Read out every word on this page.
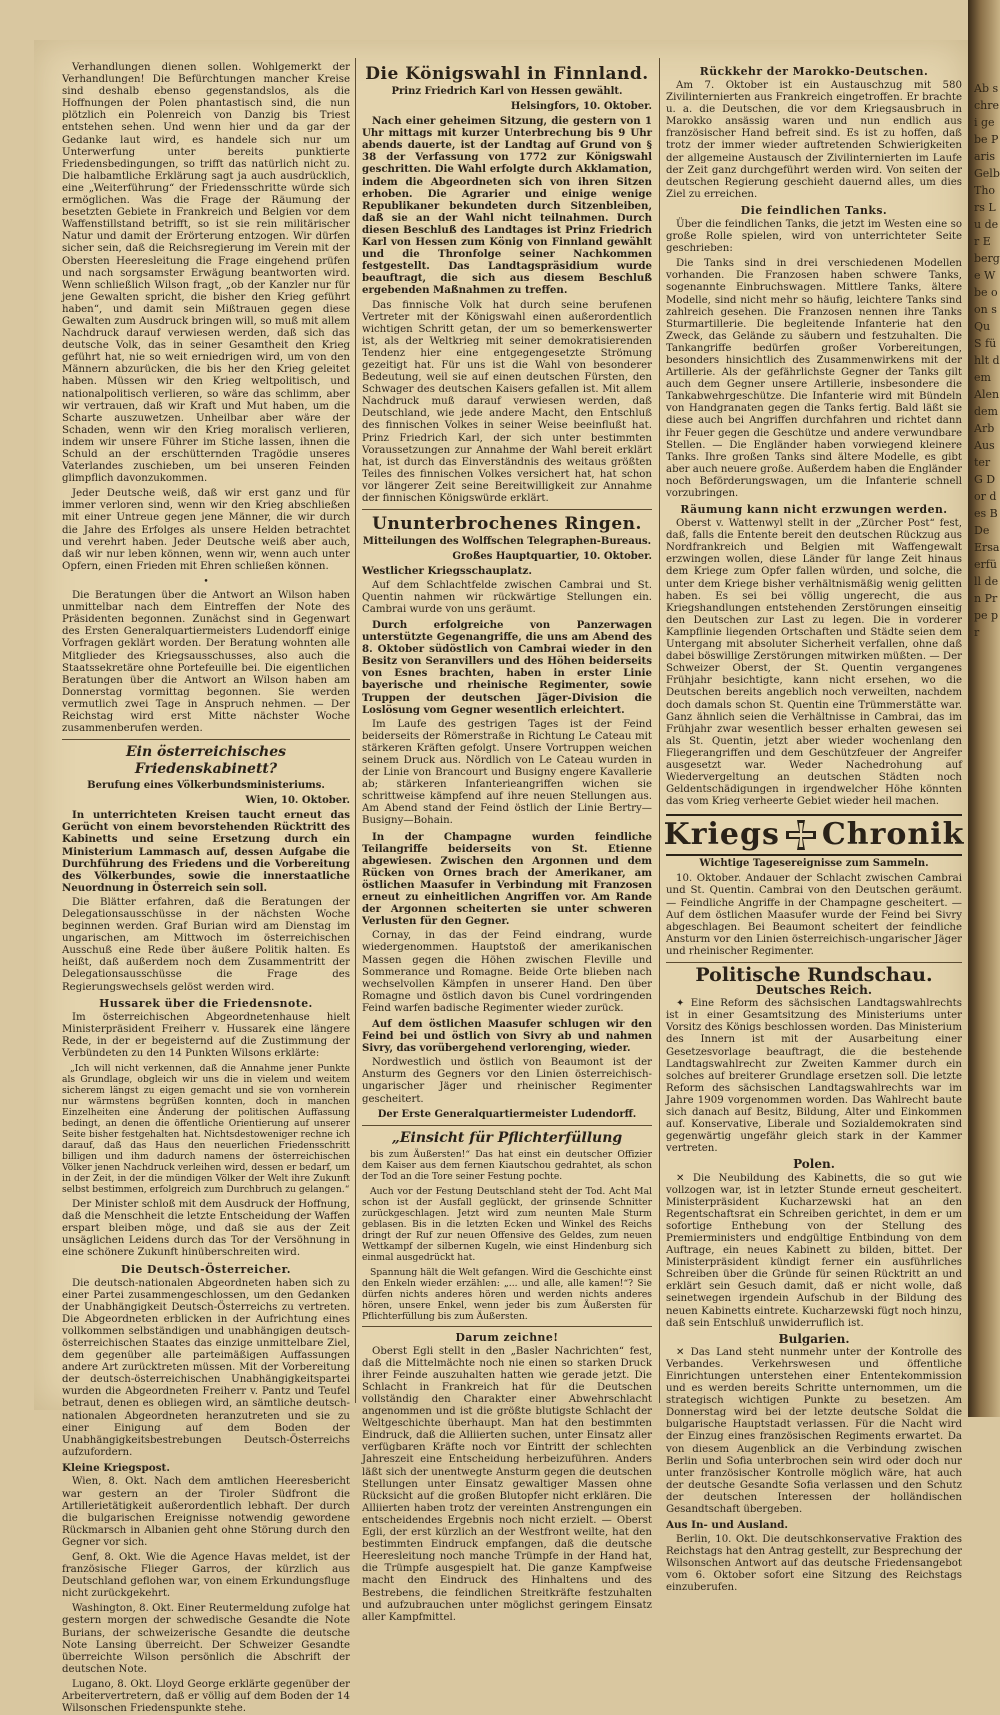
Verhandlungen dienen sollen. Wohlgemerkt der Verhandlungen! Die Befürchtungen mancher Kreise sind deshalb ebenso gegenstandslos, als die Hoffnungen der Polen phantastisch sind, die nun plötzlich ein Polenreich von Danzig bis Triest entstehen sehen. Und wenn hier und da gar der Gedanke laut wird, es handele sich nur um Unterwerfung unter bereits punktierte Friedensbedingungen, so trifft das natürlich nicht zu. Die halbamtliche Erklärung sagt ja auch ausdrücklich, eine „Weiterführung“ der Friedensschritte würde sich ermöglichen. Was die Frage der Räumung der besetzten Gebiete in Frankreich und Belgien vor dem Waffenstillstand betrifft, so ist sie rein militärischer Natur und damit der Erörterung entzogen. Wir dürfen sicher sein, daß die Reichsregierung im Verein mit der Obersten Heeresleitung die Frage eingehend prüfen und nach sorgsamster Erwägung beantworten wird. Wenn schließlich Wilson fragt, „ob der Kanzler nur für jene Gewalten spricht, die bisher den Krieg geführt haben“, und damit sein Mißtrauen gegen diese Gewalten zum Ausdruck bringen will, so muß mit allem Nachdruck darauf verwiesen werden, daß sich das deutsche Volk, das in seiner Gesamtheit den Krieg geführt hat, nie so weit erniedrigen wird, um von den Männern abzurücken, die bis her den Krieg geleitet haben. Müssen wir den Krieg weltpolitisch, und nationalpolitisch verlieren, so wäre das schlimm, aber wir vertrauen, daß wir Kraft und Mut haben, um die Scharte auszuwetzen. Unheilbar aber wäre der Schaden, wenn wir den Krieg moralisch verlieren, indem wir unsere Führer im Stiche lassen, ihnen die Schuld an der erschütternden Tragödie unseres Vaterlandes zuschieben, um bei unseren Feinden glimpflich davonzukommen.

Jeder Deutsche weiß, daß wir erst ganz und für immer verloren sind, wenn wir den Krieg abschließen mit einer Untreue gegen jene Männer, die wir durch die Jahre des Erfolges als unsere Helden betrachtet und verehrt haben. Jeder Deutsche weiß aber auch, daß wir nur leben können, wenn wir, wenn auch unter Opfern, einen Frieden mit Ehren schließen können.

•

Die Beratungen über die Antwort an Wilson haben unmittelbar nach dem Eintreffen der Note des Präsidenten begonnen. Zunächst sind in Gegenwart des Ersten Generalquartiermeisters Ludendorff einige Vorfragen geklärt worden. Der Beratung wohnten alle Mitglieder des Kriegsausschusses, also auch die Staatssekretäre ohne Portefeuille bei. Die eigentlichen Beratungen über die Antwort an Wilson haben am Donnerstag vormittag begonnen. Sie werden vermutlich zwei Tage in Anspruch nehmen. — Der Reichstag wird erst Mitte nächster Woche zusammenberufen werden.

Ein österreichisches Friedenskabinett?
Berufung eines Völkerbundsministeriums.
Wien, 10. Oktober.

In unterrichteten Kreisen taucht erneut das Gerücht von einem bevorstehenden Rücktritt des Kabinetts und seine Ersetzung durch ein Ministerium Lammasch auf, dessen Aufgabe die Durchführung des Friedens und die Vorbereitung des Völkerbundes, sowie die innerstaatliche Neuordnung in Österreich sein soll.

Die Blätter erfahren, daß die Beratungen der Delegationsausschüsse in der nächsten Woche beginnen werden. Graf Burian wird am Dienstag im ungarischen, am Mittwoch im österreichischen Ausschuß eine Rede über äußere Politik halten. Es heißt, daß außerdem noch dem Zusammentritt der Delegationsausschüsse die Frage des Regierungswechsels gelöst werden wird.

Hussarek über die Friedensnote.

Im österreichischen Abgeordnetenhause hielt Ministerpräsident Freiherr v. Hussarek eine längere Rede, in der er begeisternd auf die Zustimmung der Verbündeten zu den 14 Punkten Wilsons erklärte:

„Ich will nicht verkennen, daß die Annahme jener Punkte als Grundlage, obgleich wir uns die in vielem und weitem sicherem längst zu eigen gemacht und sie von vornherein nur wärmstens begrüßen konnten, doch in manchen Einzelheiten eine Änderung der politischen Auffassung bedingt, an denen die öffentliche Orientierung auf unserer Seite bisher festgehalten hat. Nichtsdestoweniger rechne ich darauf, daß das Haus den neuerlichen Friedensschritt billigen und ihm dadurch namens der österreichischen Völker jenen Nachdruck verleihen wird, dessen er bedarf, um in der Zeit, in der die mündigen Völker der Welt ihre Zukunft selbst bestimmen, erfolgreich zum Durchbruch zu gelangen.“

Der Minister schloß mit dem Ausdruck der Hoffnung, daß die Menschheit die letzte Entscheidung der Waffen erspart bleiben möge, und daß sie aus der Zeit unsäglichen Leidens durch das Tor der Versöhnung in eine schönere Zukunft hinüberschreiten wird.

Die Deutsch-Österreicher.

Die deutsch-nationalen Abgeordneten haben sich zu einer Partei zusammengeschlossen, um den Gedanken der Unabhängigkeit Deutsch-Österreichs zu vertreten. Die Abgeordneten erblicken in der Aufrichtung eines vollkommen selbständigen und unabhängigen deutsch-österreichischen Staates das einzige unmittelbare Ziel, dem gegenüber alle parteimäßigen Auffassungen andere Art zurücktreten müssen. Mit der Vorbereitung der deutsch-österreichischen Unabhängigkeitspartei wurden die Abgeordneten Freiherr v. Pantz und Teufel betraut, denen es obliegen wird, an sämtliche deutsch-nationalen Abgeordneten heranzutreten und sie zu einer Einigung auf dem Boden der Unabhängigkeitsbestrebungen Deutsch-Österreichs aufzufordern.

Kleine Kriegspost.

Wien, 8. Okt. Nach dem amtlichen Heeresbericht war gestern an der Tiroler Südfront die Artillerietätigkeit außerordentlich lebhaft. Der durch die bulgarischen Ereignisse notwendig gewordene Rückmarsch in Albanien geht ohne Störung durch den Gegner vor sich.

Genf, 8. Okt. Wie die Agence Havas meldet, ist der französische Flieger Garros, der kürzlich aus Deutschland geflohen war, von einem Erkundungsfluge nicht zurückgekehrt.

Washington, 8. Okt. Einer Reutermeldung zufolge hat gestern morgen der schwedische Gesandte die Note Burians, der schweizerische Gesandte die deutsche Note Lansing überreicht. Der Schweizer Gesandte überreichte Wilson persönlich die Abschrift der deutschen Note.

Lugano, 8. Okt. Lloyd George erklärte gegenüber der Arbeitervertretern, daß er völlig auf dem Boden der 14 Wilsonschen Friedenspunkte stehe.

Die Königswahl in Finnland.
Prinz Friedrich Karl von Hessen gewählt.
Helsingfors, 10. Oktober.

Nach einer geheimen Sitzung, die gestern von 1 Uhr mittags mit kurzer Unterbrechung bis 9 Uhr abends dauerte, ist der Landtag auf Grund von § 38 der Verfassung von 1772 zur Königswahl geschritten. Die Wahl erfolgte durch Akklamation, indem die Abgeordneten sich von ihren Sitzen erhoben. Die Agrarier und einige wenige Republikaner bekundeten durch Sitzenbleiben, daß sie an der Wahl nicht teilnahmen. Durch diesen Beschluß des Landtages ist Prinz Friedrich Karl von Hessen zum König von Finnland gewählt und die Thronfolge seiner Nachkommen festgestellt. Das Landtagspräsidium wurde beauftragt, die sich aus diesem Beschluß ergebenden Maßnahmen zu treffen.

Das finnische Volk hat durch seine berufenen Vertreter mit der Königswahl einen außerordentlich wichtigen Schritt getan, der um so bemerkenswerter ist, als der Weltkrieg mit seiner demokratisierenden Tendenz hier eine entgegengesetzte Strömung gezeitigt hat. Für uns ist die Wahl von besonderer Bedeutung, weil sie auf einen deutschen Fürsten, den Schwager des deutschen Kaisers gefallen ist. Mit allem Nachdruck muß darauf verwiesen werden, daß Deutschland, wie jede andere Macht, den Entschluß des finnischen Volkes in seiner Weise beeinflußt hat. Prinz Friedrich Karl, der sich unter bestimmten Voraussetzungen zur Annahme der Wahl bereit erklärt hat, ist durch das Einverständnis des weitaus größten Teiles des finnischen Volkes versichert hat, hat schon vor längerer Zeit seine Bereitwilligkeit zur Annahme der finnischen Königswürde erklärt.

Ununterbrochenes Ringen.
Mitteilungen des Wolffschen Telegraphen-Bureaus.
Großes Hauptquartier, 10. Oktober.
Westlicher Kriegsschauplatz.

Auf dem Schlachtfelde zwischen Cambrai und St. Quentin nahmen wir rückwärtige Stellungen ein. Cambrai wurde von uns geräumt.

Durch erfolgreiche von Panzerwagen unterstützte Gegenangriffe, die uns am Abend des 8. Oktober südöstlich von Cambrai wieder in den Besitz von Seranvillers und des Höhen beiderseits von Esnes brachten, haben in erster Linie bayerische und rheinische Regimenter, sowie Truppen der deutschen Jäger-Division die Loslösung vom Gegner wesentlich erleichtert.

Im Laufe des gestrigen Tages ist der Feind beiderseits der Römerstraße in Richtung Le Cateau mit stärkeren Kräften gefolgt. Unsere Vortruppen weichen seinem Druck aus. Nördlich von Le Cateau wurden in der Linie von Brancourt und Busigny engere Kavallerie ab; stärkeren Infanterieangriffen wichen sie schrittweise kämpfend auf ihre neuen Stellungen aus. Am Abend stand der Feind östlich der Linie Bertry—Busigny—Bohain.

In der Champagne wurden feindliche Teilangriffe beiderseits von St. Etienne abgewiesen. Zwischen den Argonnen und dem Rücken von Ornes brach der Amerikaner, am östlichen Maasufer in Verbindung mit Franzosen erneut zu einheitlichen Angriffen vor. Am Rande der Argonnen scheiterten sie unter schweren Verlusten für den Gegner.

Cornay, in das der Feind eindrang, wurde wiedergenommen. Hauptstoß der amerikanischen Massen gegen die Höhen zwischen Fleville und Sommerance und Romagne. Beide Orte blieben nach wechselvollen Kämpfen in unserer Hand. Den über Romagne und östlich davon bis Cunel vordringenden Feind warfen badische Regimenter wieder zurück.

Auf dem östlichen Maasufer schlugen wir den Feind bei und östlich von Sivry ab und nahmen Sivry, das vorübergehend verlorenging, wieder.

Nordwestlich und östlich von Beaumont ist der Ansturm des Gegners vor den Linien österreichisch-ungarischer Jäger und rheinischer Regimenter gescheitert.

Der Erste Generalquartiermeister Ludendorff.
„Einsicht für Pflichterfüllung

bis zum Äußersten!“ Das hat einst ein deutscher Offizier dem Kaiser aus dem fernen Kiautschou gedrahtet, als schon der Tod an die Tore seiner Festung pochte.

Auch vor der Festung Deutschland steht der Tod. Acht Mal schon ist der Ausfall geglückt, der grinsende Schnitter zurückgeschlagen. Jetzt wird zum neunten Male Sturm geblasen. Bis in die letzten Ecken und Winkel des Reichs dringt der Ruf zur neuen Offensive des Geldes, zum neuen Wettkampf der silbernen Kugeln, wie einst Hindenburg sich einmal ausgedrückt hat.

Spannung hält die Welt gefangen. Wird die Geschichte einst den Enkeln wieder erzählen: „... und alle, alle kamen!“? Sie dürfen nichts anderes hören und werden nichts anderes hören, unsere Enkel, wenn jeder bis zum Äußersten für Pflichterfüllung bis zum Äußersten.

Darum zeichne!

Oberst Egli stellt in den „Basler Nachrichten“ fest, daß die Mittelmächte noch nie einen so starken Druck ihrer Feinde auszuhalten hatten wie gerade jetzt. Die Schlacht in Frankreich hat für die Deutschen vollständig den Charakter einer Abwehrschlacht angenommen und ist die größte blutigste Schlacht der Weltgeschichte überhaupt. Man hat den bestimmten Eindruck, daß die Alliierten suchen, unter Einsatz aller verfügbaren Kräfte noch vor Eintritt der schlechten Jahreszeit eine Entscheidung herbeizuführen. Anders läßt sich der unentwegte Ansturm gegen die deutschen Stellungen unter Einsatz gewaltiger Massen ohne Rücksicht auf die großen Blutopfer nicht erklären. Die Alliierten haben trotz der vereinten Anstrengungen ein entscheidendes Ergebnis noch nicht erzielt. — Oberst Egli, der erst kürzlich an der Westfront weilte, hat den bestimmten Eindruck empfangen, daß die deutsche Heeresleitung noch manche Trümpfe in der Hand hat, die Trümpfe ausgespielt hat. Die ganze Kampfweise macht den Eindruck des Hinhaltens und des Bestrebens, die feindlichen Streitkräfte festzuhalten und aufzubrauchen unter möglichst geringem Einsatz aller Kampfmittel.

Rückkehr der Marokko-Deutschen.

Am 7. Oktober ist ein Austauschzug mit 580 Zivilinternierten aus Frankreich eingetroffen. Er brachte u. a. die Deutschen, die vor dem Kriegsausbruch in Marokko ansässig waren und nun endlich aus französischer Hand befreit sind. Es ist zu hoffen, daß trotz der immer wieder auftretenden Schwierigkeiten der allgemeine Austausch der Zivilinternierten im Laufe der Zeit ganz durchgeführt werden wird. Von seiten der deutschen Regierung geschieht dauernd alles, um dies Ziel zu erreichen.

Die feindlichen Tanks.

Über die feindlichen Tanks, die jetzt im Westen eine so große Rolle spielen, wird von unterrichteter Seite geschrieben:

Die Tanks sind in drei verschiedenen Modellen vorhanden. Die Franzosen haben schwere Tanks, sogenannte Einbruchswagen. Mittlere Tanks, ältere Modelle, sind nicht mehr so häufig, leichtere Tanks sind zahlreich gesehen. Die Franzosen nennen ihre Tanks Sturmartillerie. Die begleitende Infanterie hat den Zweck, das Gelände zu säubern und festzuhalten. Die Tankangriffe bedürfen großer Vorbereitungen, besonders hinsichtlich des Zusammenwirkens mit der Artillerie. Als der gefährlichste Gegner der Tanks gilt auch dem Gegner unsere Artillerie, insbesondere die Tankabwehrgeschütze. Die Infanterie wird mit Bündeln von Handgranaten gegen die Tanks fertig. Bald läßt sie diese auch bei Angriffen durchfahren und richtet dann ihr Feuer gegen die Geschütze und andere verwundbare Stellen. — Die Engländer haben vorwiegend kleinere Tanks. Ihre großen Tanks sind ältere Modelle, es gibt aber auch neuere große. Außerdem haben die Engländer noch Beförderungswagen, um die Infanterie schnell vorzubringen.

Räumung kann nicht erzwungen werden.

Oberst v. Wattenwyl stellt in der „Zürcher Post“ fest, daß, falls die Entente bereit den deutschen Rückzug aus Nordfrankreich und Belgien mit Waffengewalt erzwingen wollen, diese Länder für lange Zeit hinaus dem Kriege zum Opfer fallen würden, und solche, die unter dem Kriege bisher verhältnismäßig wenig gelitten haben. Es sei bei völlig ungerecht, die aus Kriegshandlungen entstehenden Zerstörungen einseitig den Deutschen zur Last zu legen. Die in vorderer Kampflinie liegenden Ortschaften und Städte seien dem Untergang mit absoluter Sicherheit verfallen, ohne daß dabei böswillige Zerstörungen mitwirken müßten. — Der Schweizer Oberst, der St. Quentin vergangenes Frühjahr besichtigte, kann nicht ersehen, wo die Deutschen bereits angeblich noch verweilten, nachdem doch damals schon St. Quentin eine Trümmerstätte war. Ganz ähnlich seien die Verhältnisse in Cambrai, das im Frühjahr zwar wesentlich besser erhalten gewesen sei als St. Quentin, jetzt aber wieder wochenlang den Fliegerangriffen und dem Geschützfeuer der Angreifer ausgesetzt war. Weder Nachedrohung auf Wiedervergeltung an deutschen Städten noch Geldentschädigungen in irgendwelcher Höhe könnten das vom Krieg verheerte Gebiet wieder heil machen.

Kriegs Chronik
Wichtige Tagesereignisse zum Sammeln.

10. Oktober. Andauer der Schlacht zwischen Cambrai und St. Quentin. Cambrai von den Deutschen geräumt. — Feindliche Angriffe in der Champagne gescheitert. — Auf dem östlichen Maasufer wurde der Feind bei Sivry abgeschlagen. Bei Beaumont scheitert der feindliche Ansturm vor den Linien österreichisch-ungarischer Jäger und rheinischer Regimenter.

Politische Rundschau.
Deutsches Reich.

✦ Eine Reform des sächsischen Landtagswahlrechts ist in einer Gesamtsitzung des Ministeriums unter Vorsitz des Königs beschlossen worden. Das Ministerium des Innern ist mit der Ausarbeitung einer Gesetzesvorlage beauftragt, die die bestehende Landtagswahlrecht zur Zweiten Kammer durch ein solches auf breiterer Grundlage ersetzen soll. Die letzte Reform des sächsischen Landtagswahlrechts war im Jahre 1909 vorgenommen worden. Das Wahlrecht baute sich danach auf Besitz, Bildung, Alter und Einkommen auf. Konservative, Liberale und Sozialdemokraten sind gegenwärtig ungefähr gleich stark in der Kammer vertreten.

Polen.

✕ Die Neubildung des Kabinetts, die so gut wie vollzogen war, ist in letzter Stunde erneut gescheitert. Ministerpräsident Kucharzewski hat an den Regentschaftsrat ein Schreiben gerichtet, in dem er um sofortige Enthebung von der Stellung des Premierministers und endgültige Entbindung von dem Auftrage, ein neues Kabinett zu bilden, bittet. Der Ministerpräsident kündigt ferner ein ausführliches Schreiben über die Gründe für seinen Rücktritt an und erklärt sein Gesuch damit, daß er nicht wolle, daß seinetwegen irgendein Aufschub in der Bildung des neuen Kabinetts eintrete. Kucharzewski fügt noch hinzu, daß sein Entschluß unwiderruflich ist.

Bulgarien.

✕ Das Land steht nunmehr unter der Kontrolle des Verbandes. Verkehrswesen und öffentliche Einrichtungen unterstehen einer Ententekommission und es werden bereits Schritte unternommen, um die strategisch wichtigen Punkte zu besetzen. Am Donnerstag wird bei der letzte deutsche Soldat die bulgarische Hauptstadt verlassen. Für die Nacht wird der Einzug eines französischen Regiments erwartet. Da von diesem Augenblick an die Verbindung zwischen Berlin und Sofia unterbrochen sein wird oder doch nur unter französischer Kontrolle möglich wäre, hat auch der deutsche Gesandte Sofia verlassen und den Schutz der deutschen Interessen der holländischen Gesandtschaft übergeben.

Aus In- und Ausland.

Berlin, 10. Okt. Die deutschkonservative Fraktion des Reichstags hat den Antrag gestellt, zur Besprechung der Wilsonschen Antwort auf das deutsche Friedensangebot vom 6. Oktober sofort eine Sitzung des Reichstags einzuberufen.

Ab schrei gebe Paris Gelb Thors Lu der E berge Wbe oon s Qu S fühlt dem Alen dem Arb Aus ter G Dor des B De Ersa erfüll den Pr pe pr
